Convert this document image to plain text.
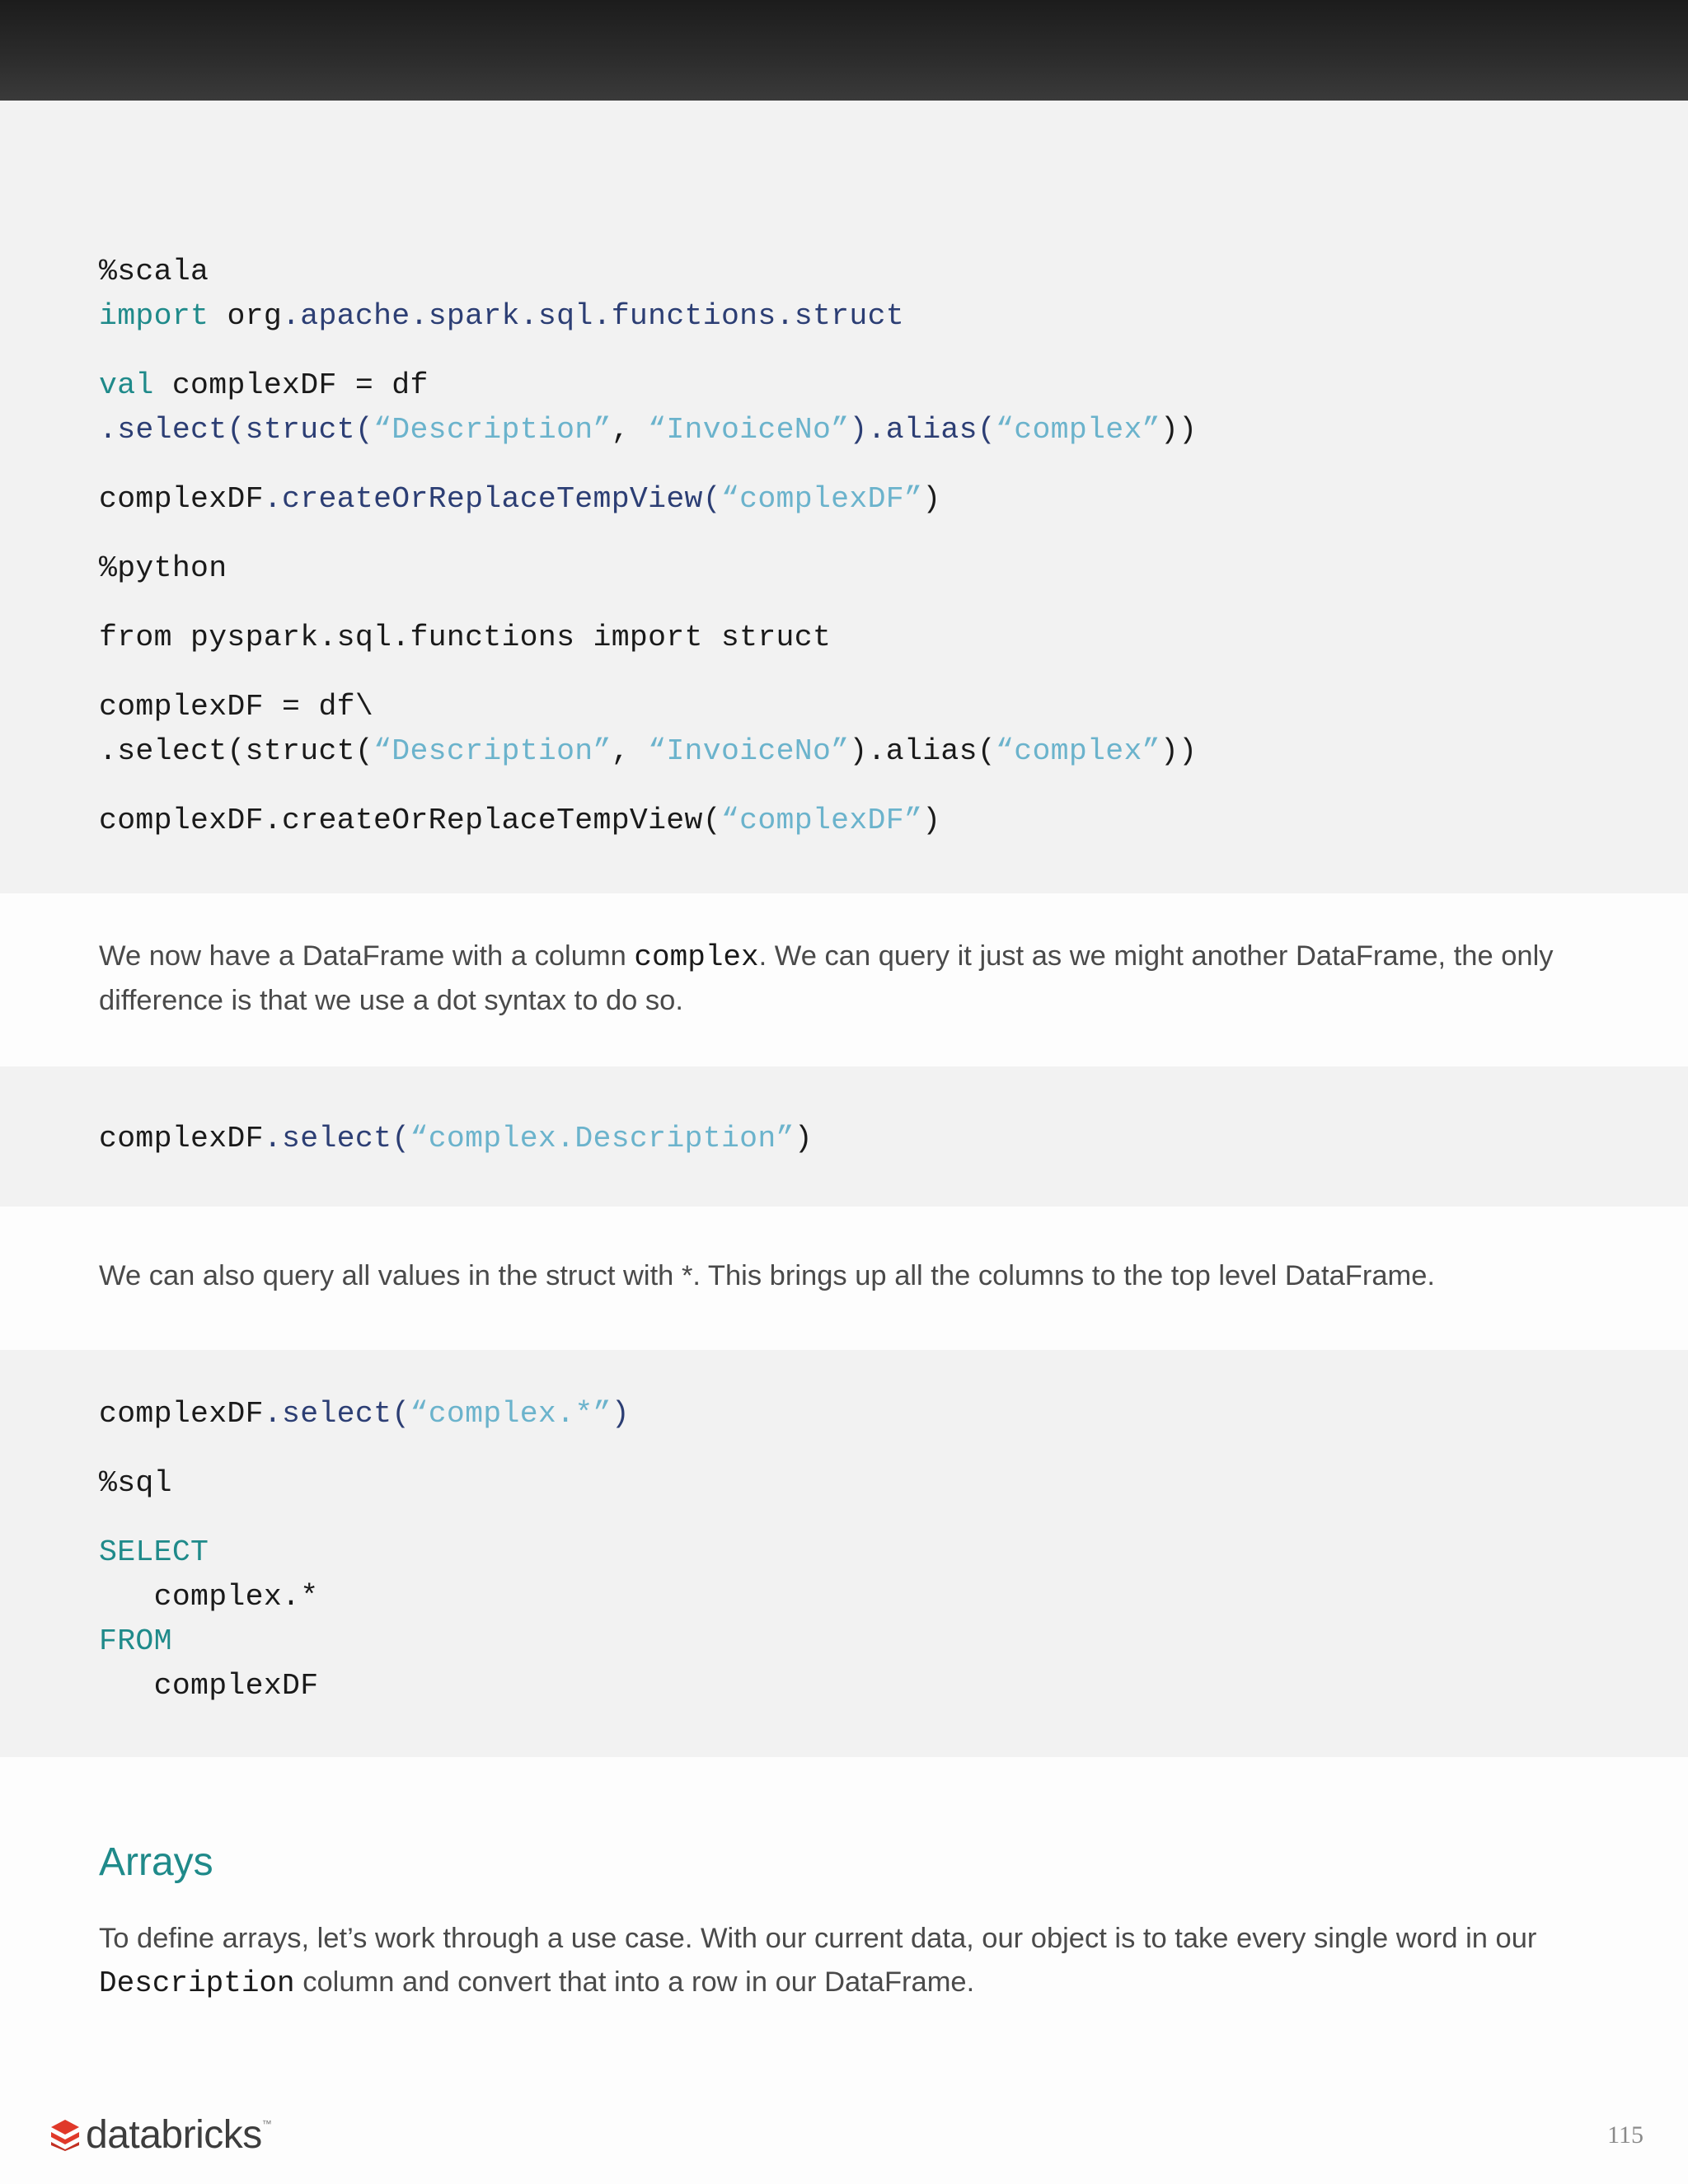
%scala
import org.apache.spark.sql.functions.struct
val complexDF = df
.select(struct(“Description”, “InvoiceNo”).alias(“complex”))
complexDF.createOrReplaceTempView(“complexDF”)
%python
from pyspark.sql.functions import struct
complexDF = df\
.select(struct(“Description”, “InvoiceNo”).alias(“complex”))
complexDF.createOrReplaceTempView(“complexDF”)
We now have a DataFrame with a column complex. We can query it just as we might another DataFrame, the only difference is that we use a dot syntax to do so.
complexDF.select(“complex.Description”)
We can also query all values in the struct with *. This brings up all the columns to the top level DataFrame.
complexDF.select(“complex.*”)
%sql
SELECT
complex.*
FROM
complexDF
Arrays
To define arrays, let’s work through a use case. With our current data, our object is to take every single word in our Description column and convert that into a row in our DataFrame.
databricks ™	115
